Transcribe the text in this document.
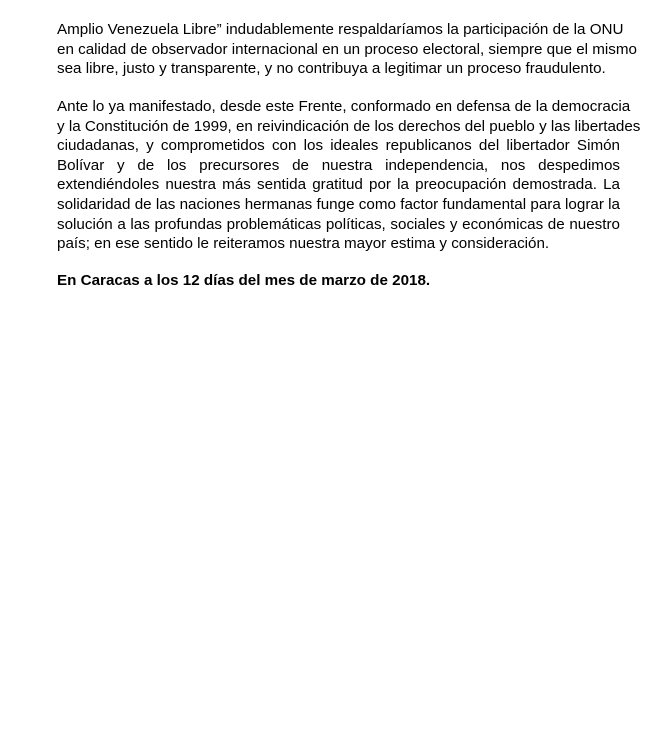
Amplio Venezuela Libre” indudablemente respaldaríamos la participación de la ONU
en calidad de observador internacional en un proceso electoral, siempre que el mismo
sea libre, justo y transparente, y no contribuya a legitimar un proceso fraudulento.
Ante lo ya manifestado, desde este Frente, conformado en defensa de la democracia
y la Constitución de 1999, en reivindicación de los derechos del pueblo y las libertades
ciudadanas, y comprometidos con los ideales republicanos del libertador Simón
Bolívar y de los precursores de nuestra independencia, nos despedimos
extendiéndoles nuestra más sentida gratitud por la preocupación demostrada. La
solidaridad de las naciones hermanas funge como factor fundamental para lograr la
solución a las profundas problemáticas políticas, sociales y económicas de nuestro
país; en ese sentido le reiteramos nuestra mayor estima y consideración.
En Caracas a los 12 días del mes de marzo de 2018.
